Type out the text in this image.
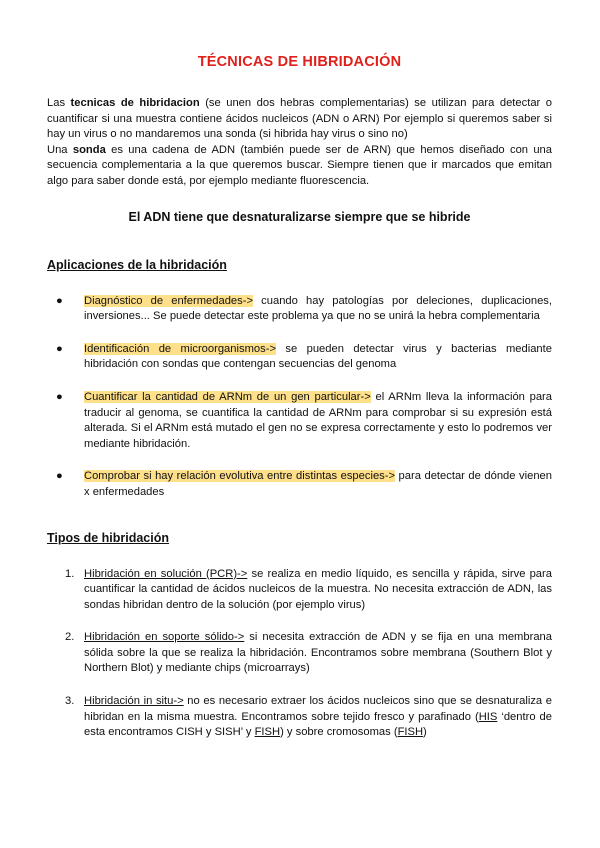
TÉCNICAS DE HIBRIDACIÓN

Las tecnicas de hibridacion (se unen dos hebras complementarias) se utilizan para detectar o cuantificar si una muestra contiene ácidos nucleicos (ADN o ARN) Por ejemplo si queremos saber si hay un virus o no mandaremos una sonda (si hibrida hay virus o sino no)

Una sonda es una cadena de ADN (también puede ser de ARN) que hemos diseñado con una secuencia complementaria a la que queremos buscar. Siempre tienen que ir marcados que emitan algo para saber donde está, por ejemplo mediante fluorescencia.

El ADN tiene que desnaturalizarse siempre que se hibride
Aplicaciones de la hibridación
● Diagnóstico de enfermedades-> cuando hay patologías por deleciones, duplicaciones, inversiones... Se puede detectar este problema ya que no se unirá la hebra complementaria
● Identificación de microorganismos-> se pueden detectar virus y bacterias mediante hibridación con sondas que contengan secuencias del genoma
● Cuantificar la cantidad de ARNm de un gen particular-> el ARNm lleva la información para traducir al genoma, se cuantifica la cantidad de ARNm para comprobar si su expresión está alterada. Si el ARNm está mutado el gen no se expresa correctamente y esto lo podremos ver mediante hibridación.
● Comprobar si hay relación evolutiva entre distintas especies-> para detectar de dónde vienen x enfermedades
Tipos de hibridación
1. Hibridación en solución (PCR)-> se realiza en medio líquido, es sencilla y rápida, sirve para cuantificar la cantidad de ácidos nucleicos de la muestra. No necesita extracción de ADN, las sondas hibridan dentro de la solución (por ejemplo virus)
2. Hibridación en soporte sólido-> si necesita extracción de ADN y se fija en una membrana sólida sobre la que se realiza la hibridación. Encontramos sobre membrana (Southern Blot y Northern Blot) y mediante chips (microarrays)
3. Hibridación in situ-> no es necesario extraer los ácidos nucleicos sino que se desnaturaliza e hibridan en la misma muestra. Encontramos sobre tejido fresco y parafinado (HIS ‘dentro de esta encontramos CISH y SISH’ y FISH) y sobre cromosomas (FISH)
